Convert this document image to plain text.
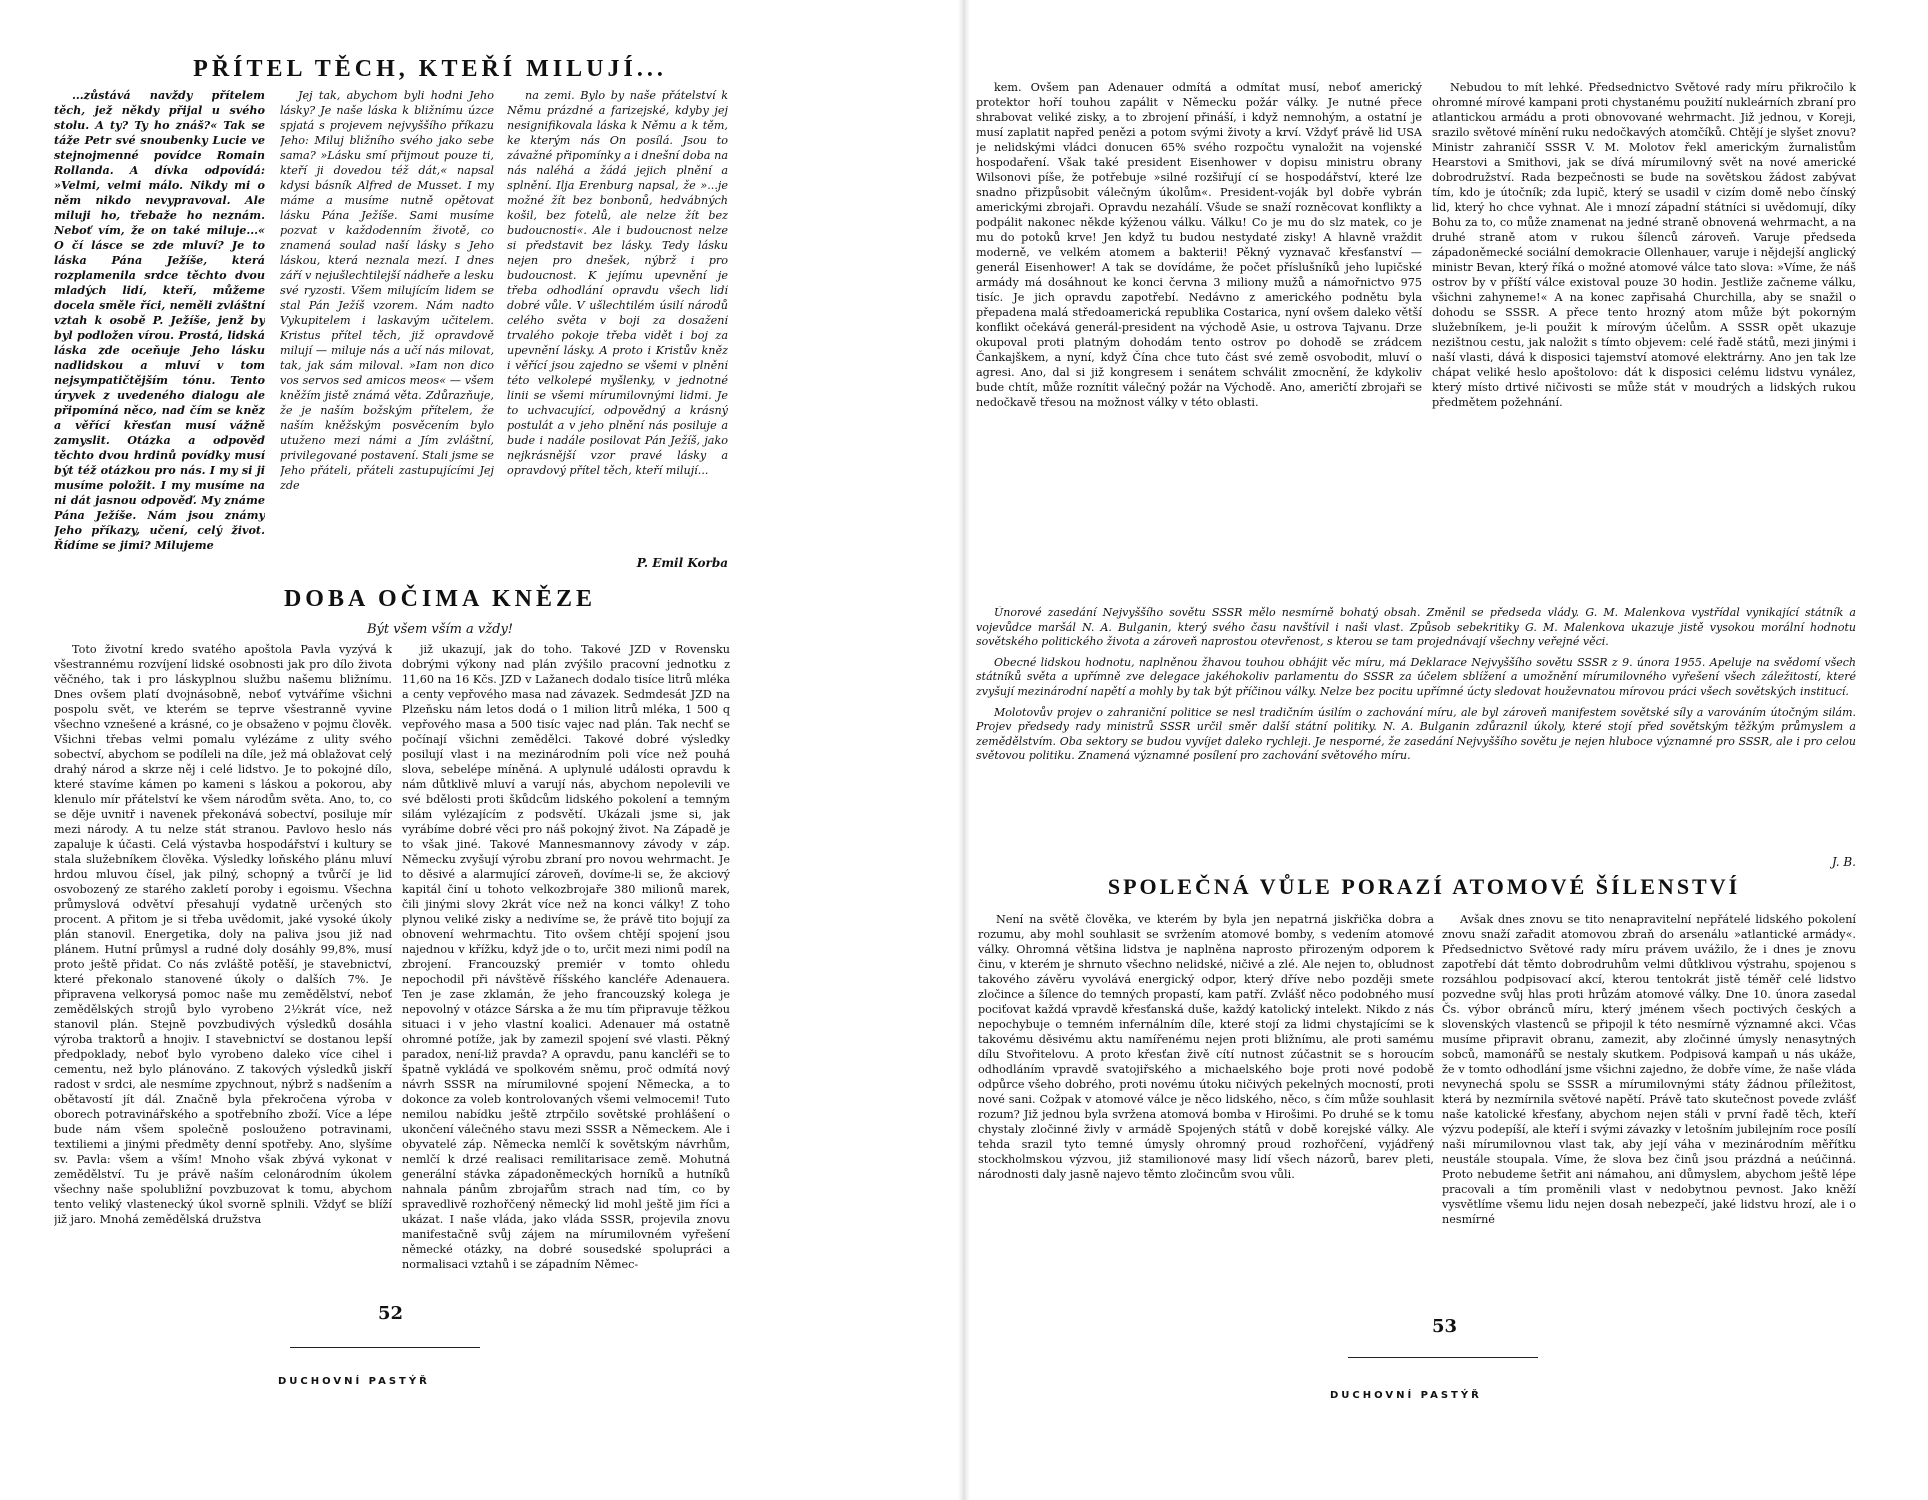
PŘÍTEL TĚCH, KTEŘÍ MILUJÍ...

...zůstává navždy přítelem těch, jež někdy přijal u svého stolu. A ty? Ty ho znáš?« Tak se táže Petr své snoubenky Lucie ve stejnojmenné povídce Romain Rollanda. A dívka odpovídá: »Velmi, velmi málo. Nikdy mi o něm nikdo nevypravoval. Ale miluji ho, třebaže ho neznám. Neboť vím, že on také miluje...« O čí lásce se zde mluví? Je to láska Pána Ježíše, která rozplamenila srdce těchto dvou mladých lidí, kteří, můžeme docela směle říci, neměli zvláštní vztah k osobě P. Ježíše, jenž by byl podložen vírou. Prostá, lidská láska zde oceňuje Jeho lásku nadlidskou a mluví v tom nejsympatičtějším tónu. Tento úryvek z uvedeného dialogu ale připomíná něco, nad čím se kněz a věřící křesťan musí vážně zamyslit. Otázka a odpověď těchto dvou hrdinů povídky musí být též otázkou pro nás. I my si ji musíme položit. I my musíme na ni dát jasnou odpověď. My známe Pána Ježíše. Nám jsou známy Jeho příkazy, učení, celý život. Řídíme se jimi? Milujeme

Jej tak, abychom byli hodni Jeho lásky? Je naše láska k bližnímu úzce spjatá s projevem nejvyššího příkazu Jeho: Miluj bližního svého jako sebe sama? »Lásku smí přijmout pouze ti, kteří ji dovedou též dát,« napsal kdysi básník Alfred de Musset. I my máme a musíme nutně opětovat lásku Pána Ježíše. Sami musíme pozvat v každodenním životě, co znamená soulad naší lásky s Jeho láskou, která neznala mezí. I dnes září v nejušlechtilejší nádheře a lesku své ryzosti. Všem milujícím lidem se stal Pán Ježíš vzorem. Nám nadto Vykupitelem i laskavým učitelem. Kristus přítel těch, již opravdově milují — miluje nás a učí nás milovat, tak, jak sám miloval. »Iam non dico vos servos sed amicos meos« — všem kněžím jistě známá věta. Zdůrazňuje, že je naším božským přítelem, že naším kněžským posvěcením bylo utuženo mezi námi a Jím zvláštní, privilegované postavení. Stali jsme se Jeho přáteli, přáteli zastupujícími Jej zde

na zemi. Bylo by naše přátelství k Němu prázdné a farizejské, kdyby jej nesignifikovala láska k Němu a k těm, ke kterým nás On posílá. Jsou to závažné připomínky a i dnešní doba na nás naléhá a žádá jejich plnění a splnění. Ilja Erenburg napsal, že »...je možné žít bez bonbonů, hedvábných košil, bez fotelů, ale nelze žít bez budoucnosti«. Ale i budoucnost nelze si představit bez lásky. Tedy lásku nejen pro dnešek, nýbrž i pro budoucnost. K jejímu upevnění je třeba odhodlání opravdu všech lidí dobré vůle. V ušlechtilém úsilí národů celého světa v boji za dosažení trvalého pokoje třeba vidět i boj za upevnění lásky. A proto i Kristův kněz i věřící jsou zajedno se všemi v plnění této velkolepé myšlenky, v jednotné linii se všemi mírumilovnými lidmi. Je to uchvacující, odpovědný a krásný postulát a v jeho plnění nás posiluje a bude i nadále posilovat Pán Ježíš, jako nejkrásnější vzor pravé lásky a opravdový přítel těch, kteří milují...

P. Emil Korba
DOBA OČIMA KNĚZE
Být všem vším a vždy!

Toto životní kredo svatého apoštola Pavla vyzývá k všestrannému rozvíjení lidské osobnosti jak pro dílo života věčného, tak i pro láskyplnou službu našemu bližnímu. Dnes ovšem platí dvojnásobně, neboť vytváříme všichni pospolu svět, ve kterém se teprve všestranně vyvine všechno vznešené a krásné, co je obsaženo v pojmu člověk. Všichni třebas velmi pomalu vylézáme z ulity svého sobectví, abychom se podíleli na díle, jež má oblažovat celý drahý národ a skrze něj i celé lidstvo. Je to pokojné dílo, které stavíme kámen po kameni s láskou a pokorou, aby klenulo mír přátelství ke všem národům světa. Ano, to, co se děje uvnitř i navenek překonává sobectví, posiluje mír mezi národy. A tu nelze stát stranou. Pavlovo heslo nás zapaluje k účasti. Celá výstavba hospodářství i kultury se stala služebníkem člověka. Výsledky loňského plánu mluví hrdou mluvou čísel, jak pilný, schopný a tvůrčí je lid osvobozený ze starého zakletí poroby i egoismu. Všechna průmyslová odvětví přesahují vydatně určených sto procent. A přitom je si třeba uvědomit, jaké vysoké úkoly plán stanovil. Energetika, doly na paliva jsou již nad plánem. Hutní průmysl a rudné doly dosáhly 99,8%, musí proto ještě přidat. Co nás zvláště potěší, je stavebnictví, které překonalo stanovené úkoly o dalších 7%. Je připravena velkorysá pomoc naše mu zemědělství, neboť zemědělských strojů bylo vyrobeno 2½krát více, než stanovil plán. Stejně povzbudivých výsledků dosáhla výroba traktorů a hnojiv. I stavebnictví se dostanou lepší předpoklady, neboť bylo vyrobeno daleko více cihel i cementu, než bylo plánováno. Z takových výsledků jiskří radost v srdci, ale nesmíme zpychnout, nýbrž s nadšením a obětavostí jít dál. Značně byla překročena výroba v oborech potravinářského a spotřebního zboží. Více a lépe bude nám všem společně poslouženo potravinami, textiliemi a jinými předměty denní spotřeby. Ano, slyšíme sv. Pavla: všem a vším! Mnoho však zbývá vykonat v zemědělství. Tu je právě naším celonárodním úkolem všechny naše spolubližní povzbuzovat k tomu, abychom tento veliký vlastenecký úkol svorně splnili. Vždyť se blíží již jaro. Mnohá zemědělská družstva

již ukazují, jak do toho. Takové JZD v Rovensku dobrými výkony nad plán zvýšilo pracovní jednotku z 11,60 na 16 Kčs. JZD v Lažanech dodalo tisíce litrů mléka a centy vepřového masa nad závazek. Sedmdesát JZD na Plzeňsku nám letos dodá o 1 milion litrů mléka, 1 500 q vepřového masa a 500 tisíc vajec nad plán. Tak nechť se počínají všichni zemědělci. Takové dobré výsledky posilují vlast i na mezinárodním poli více než pouhá slova, sebelépe míněná. A uplynulé události opravdu k nám důtklivě mluví a varují nás, abychom nepolevili ve své bdělosti proti škůdcům lidského pokolení a temným silám vylézajícím z podsvětí. Ukázali jsme si, jak vyrábíme dobré věci pro náš pokojný život. Na Západě je to však jiné. Takové Mannesmannovy závody v záp. Německu zvyšují výrobu zbraní pro novou wehrmacht. Je to děsivé a alarmující zároveň, dovíme-li se, že akciový kapitál činí u tohoto velkozbrojaře 380 milionů marek, čili jinými slovy 2krát více než na konci války! Z toho plynou veliké zisky a nedivíme se, že právě tito bojují za obnovení wehrmachtu. Tito ovšem chtějí spojení jsou najednou v křížku, když jde o to, určit mezi nimi podíl na zbrojení. Francouzský premiér v tomto ohledu nepochodil při návštěvě říšského kancléře Adenauera. Ten je zase zklamán, že jeho francouzský kolega je nepovolný v otázce Sárska a že mu tím připravuje těžkou situaci i v jeho vlastní koalici. Adenauer má ostatně ohromné potíže, jak by zamezil spojení své vlasti. Pěkný paradox, není-liž pravda? A opravdu, panu kancléři se to špatně vykládá ve spolkovém sněmu, proč odmítá nový návrh SSSR na mírumilovné spojení Německa, a to dokonce za voleb kontrolovaných všemi velmocemi! Tuto nemilou nabídku ještě ztrpčilo sovětské prohlášení o ukončení válečného stavu mezi SSSR a Německem. Ale i obyvatelé záp. Německa nemlčí k sovětským návrhům, nemlčí k drzé realisaci remilitarisace země. Mohutná generální stávka západoněmeckých horníků a hutníků nahnala pánům zbrojařům strach nad tím, co by spravedlivě rozhořčený německý lid mohl ještě jim říci a ukázat. I naše vláda, jako vláda SSSR, projevila znovu manifestačně svůj zájem na mírumilovném vyřešení německé otázky, na dobré sousedské spolupráci a normalisaci vztahů i se západním Němec-

52
DUCHOVNÍ PASTÝŘ

kem. Ovšem pan Adenauer odmítá a odmítat musí, neboť americký protektor hoří touhou zapálit v Německu požár války. Je nutné přece shrabovat veliké zisky, a to zbrojení přináší, i když nemnohým, a ostatní je musí zaplatit napřed penězi a potom svými životy a krví. Vždyť právě lid USA je nelidskými vládci donucen 65% svého rozpočtu vynaložit na vojenské hospodaření. Však také president Eisenhower v dopisu ministru obrany Wilsonovi píše, že potřebuje »silné rozšiřují cí se hospodářství, které lze snadno přizpůsobit válečným úkolům«. President-voják byl dobře vybrán americkými zbrojaři. Opravdu nezahálí. Všude se snaží rozněcovat konflikty a podpálit nakonec někde kýženou válku. Válku! Co je mu do slz matek, co je mu do potoků krve! Jen když tu budou nestydaté zisky! A hlavně vraždit moderně, ve velkém atomem a bakterii! Pěkný vyznavač křesťanství — generál Eisenhower! A tak se dovídáme, že počet příslušníků jeho lupičské armády má dosáhnout ke konci června 3 miliony mužů a námořnictvo 975 tisíc. Je jich opravdu zapotřebí. Nedávno z amerického podnětu byla přepadena malá středoamerická republika Costarica, nyní ovšem daleko větší konflikt očekává generál-president na východě Asie, u ostrova Tajvanu. Drze okupoval proti platným dohodám tento ostrov po dohodě se zrádcem Čankajškem, a nyní, když Čína chce tuto část své země osvobodit, mluví o agresi. Ano, dal si již kongresem i senátem schválit zmocnění, že kdykoliv bude chtít, může roznítit válečný požár na Východě. Ano, američtí zbrojaři se nedočkavě třesou na možnost války v této oblasti.

Nebudou to mít lehké. Předsednictvo Světové rady míru přikročilo k ohromné mírové kampani proti chystanému použití nukleárních zbraní pro atlantickou armádu a proti obnovované wehrmacht. Již jednou, v Koreji, srazilo světové mínění ruku nedočkavých atomčíků. Chtějí je slyšet znovu? Ministr zahraničí SSSR V. M. Molotov řekl americkým žurnalistům Hearstovi a Smithovi, jak se dívá mírumilovný svět na nové americké dobrodružství. Rada bezpečnosti se bude na sovětskou žádost zabývat tím, kdo je útočník; zda lupič, který se usadil v cizím domě nebo čínský lid, který ho chce vyhnat. Ale i mnozí západní státníci si uvědomují, díky Bohu za to, co může znamenat na jedné straně obnovená wehrmacht, a na druhé straně atom v rukou šílenců zároveň. Varuje předseda západoněmecké sociální demokracie Ollenhauer, varuje i nějdejší anglický ministr Bevan, který říká o možné atomové válce tato slova: »Víme, že náš ostrov by v příští válce existoval pouze 30 hodin. Jestliže začneme válku, všichni zahyneme!« A na konec zapřisahá Churchilla, aby se snažil o dohodu se SSSR. A přece tento hrozný atom může být pokorným služebníkem, je-li použit k mírovým účelům. A SSSR opět ukazuje nezištnou cestu, jak naložit s tímto objevem: celé řadě států, mezi jinými i naší vlasti, dává k disposici tajemství atomové elektrárny. Ano jen tak lze chápat veliké heslo apoštolovo: dát k disposici celému lidstvu vynález, který místo drtivé ničivosti se může stát v moudrých a lidských rukou předmětem požehnání.

Únorové zasedání Nejvyššího sovětu SSSR mělo nesmírně bohatý obsah. Změnil se předseda vlády. G. M. Malenkova vystřídal vynikající státník a vojevůdce maršál N. A. Bulganin, který svého času navštívil i naši vlast. Způsob sebekritiky G. M. Malenkova ukazuje jistě vysokou morální hodnotu sovětského politického života a zároveň naprostou otevřenost, s kterou se tam projednávají všechny veřejné věci.

Obecné lidskou hodnotu, naplněnou žhavou touhou obhájit věc míru, má Deklarace Nejvyššího sovětu SSSR z 9. února 1955. Apeluje na svědomí všech státníků světa a upřímně zve delegace jakéhokoliv parlamentu do SSSR za účelem sblížení a umožnění mírumilovného vyřešení všech záležitostí, které zvyšují mezinárodní napětí a mohly by tak být příčinou války. Nelze bez pocitu upřímné úcty sledovat houževnatou mírovou práci všech sovětských institucí.

Molotovův projev o zahraniční politice se nesl tradičním úsilím o zachování míru, ale byl zároveň manifestem sovětské síly a varováním útočným silám. Projev předsedy rady ministrů SSSR určil směr další státní politiky. N. A. Bulganin zdůraznil úkoly, které stojí před sovětským těžkým průmyslem a zemědělstvím. Oba sektory se budou vyvíjet daleko rychleji. Je nesporné, že zasedání Nejvyššího sovětu je nejen hluboce významné pro SSSR, ale i pro celou světovou politiku. Znamená významné posílení pro zachování světového míru.

J. B.
SPOLEČNÁ VŮLE PORAZÍ ATOMOVÉ ŠÍLENSTVÍ

Není na světě člověka, ve kterém by byla jen nepatrná jiskřička dobra a rozumu, aby mohl souhlasit se svržením atomové bomby, s vedením atomové války. Ohromná většina lidstva je naplněna naprosto přirozeným odporem k činu, v kterém je shrnuto všechno nelidské, ničivé a zlé. Ale nejen to, obludnost takového závěru vyvolává energický odpor, který dříve nebo později smete zločince a šílence do temných propastí, kam patří. Zvlášť něco podobného musí pociťovat každá vpravdě křesťanská duše, každý katolický intelekt. Nikdo z nás nepochybuje o temném infernálním díle, které stojí za lidmi chystajícími se k takovému děsivému aktu namířenému nejen proti bližnímu, ale proti samému dílu Stvořitelovu. A proto křesťan živě cítí nutnost zúčastnit se s horoucím odhodláním vpravdě svatojiřského a michaelského boje proti nové podobě odpůrce všeho dobrého, proti novému útoku ničivých pekelných mocností, proti nové sani. Cožpak v atomové válce je něco lidského, něco, s čím může souhlasit rozum? Již jednou byla svržena atomová bomba v Hirošimi. Po druhé se k tomu chystaly zločinné živly v armádě Spojených států v době korejské války. Ale tehda srazil tyto temné úmysly ohromný proud rozhořčení, vyjádřený stockholmskou výzvou, již stamilionové masy lidí všech názorů, barev pleti, národnosti daly jasně najevo těmto zločincům svou vůli.

Avšak dnes znovu se tito nenapravitelní nepřátelé lidského pokolení znovu snaží zařadit atomovou zbraň do arsenálu »atlantické armády«. Předsednictvo Světové rady míru právem uvážilo, že i dnes je znovu zapotřebí dát těmto dobrodruhům velmi důtklivou výstrahu, spojenou s rozsáhlou podpisovací akcí, kterou tentokrát jistě téměř celé lidstvo pozvedne svůj hlas proti hrůzám atomové války. Dne 10. února zasedal Čs. výbor obránců míru, který jménem všech poctivých českých a slovenských vlastenců se připojil k této nesmírně významné akci. Včas musíme připravit obranu, zamezit, aby zločinné úmysly nenasytných sobců, mamonářů se nestaly skutkem. Podpisová kampaň u nás ukáže, že v tomto odhodlání jsme všichni zajedno, že dobře víme, že naše vláda nevynechá spolu se SSSR a mírumilovnými státy žádnou příležitost, která by nezmírnila světové napětí. Právě tato skutečnost povede zvlášť naše katolické křesťany, abychom nejen stáli v první řadě těch, kteří výzvu podepíší, ale kteří i svými závazky v letošním jubilejním roce posílí naši mírumilovnou vlast tak, aby její váha v mezinárodním měřítku neustále stoupala. Víme, že slova bez činů jsou prázdná a neúčinná. Proto nebudeme šetřit ani námahou, ani důmyslem, abychom ještě lépe pracovali a tím proměnili vlast v nedobytnou pevnost. Jako kněží vysvětlíme všemu lidu nejen dosah nebezpečí, jaké lidstvu hrozí, ale i o nesmírné

53
DUCHOVNÍ PASTÝŘ
